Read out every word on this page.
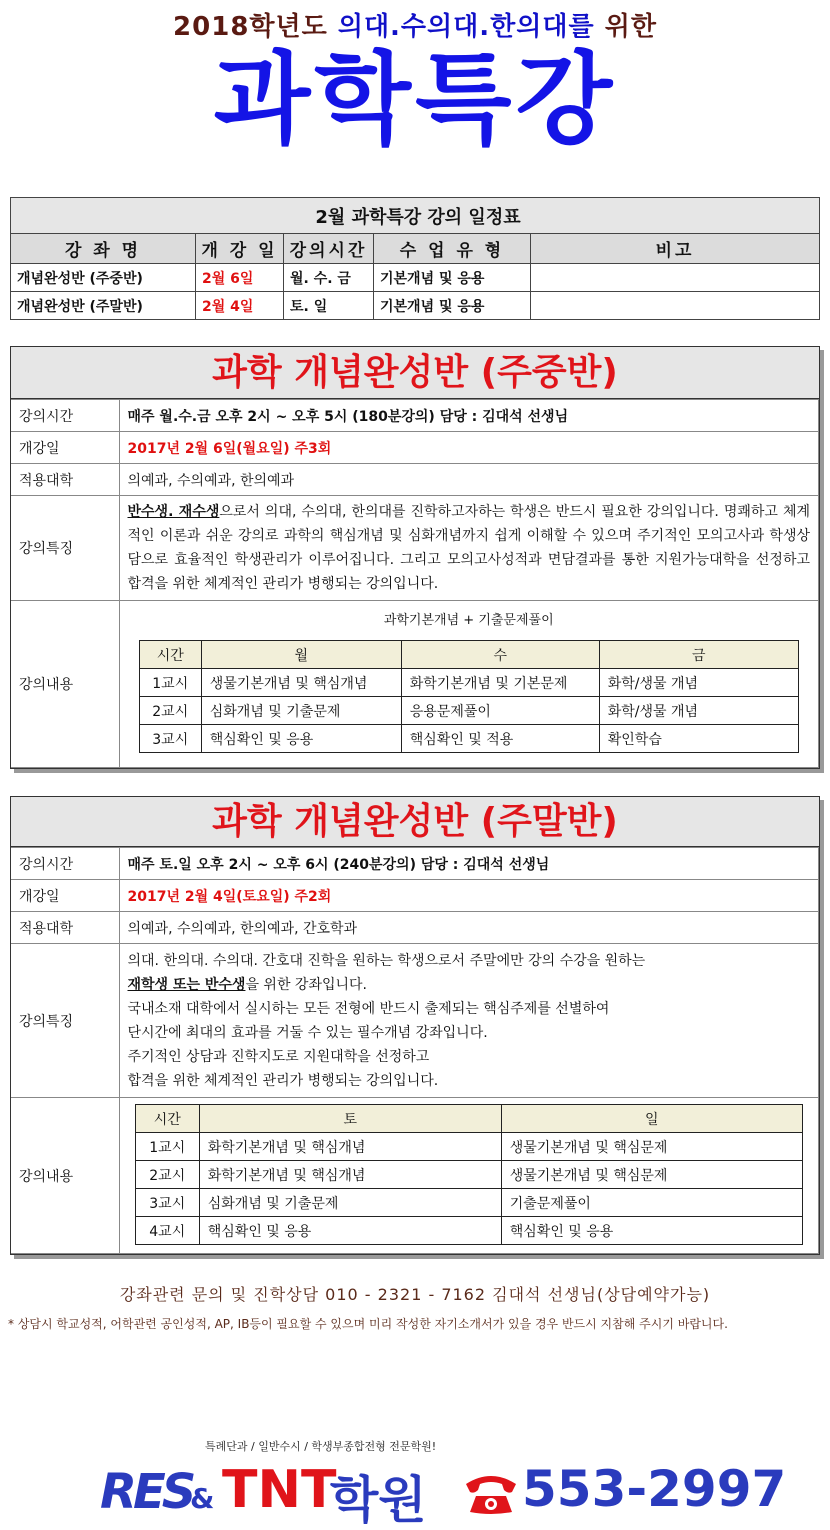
2018학년도 의대.수의대.한의대를 위한
과학특강
2월 과학특강 강의 일정표				
강 좌 명	개 강 일	강의시간	수 업 유 형	비고
개념완성반 (주중반)	2월 6일	월. 수. 금	기본개념 및 응용	
개념완성반 (주말반)	2월 4일	토. 일	기본개념 및 응용	
과학 개념완성반 (주중반)
강의시간	매주 월.수.금 오후 2시 ~ 오후 5시 (180분강의) 담당 : 김대석 선생님
개강일	2017년 2월 6일(월요일) 주3회
적용대학	의예과, 수의예과, 한의예과
강의특징	반수생. 재수생으로서 의대, 수의대, 한의대를 진학하고자하는 학생은 반드시 필요한 강의입니다. 명쾌하고 체계적인 이론과 쉬운 강의로 과학의 핵심개념 및 심화개념까지 쉽게 이해할 수 있으며 주기적인 모의고사과 학생상담으로 효율적인 학생관리가 이루어집니다. 그리고 모의고사성적과 면담결과를 통한 지원가능대학을 선정하고 합격을 위한 체계적인 관리가 병행되는 강의입니다.
강의내용	
과학기본개념 + 기출문제풀이
시간	월	수	금
1교시	생물기본개념 및 핵심개념	화학기본개념 및 기본문제	화학/생물 개념
2교시	심화개념 및 기출문제	응용문제풀이	화학/생물 개념
3교시	핵심확인 및 응용	핵심확인 및 적용	확인학습
과학 개념완성반 (주말반)
강의시간	매주 토.일 오후 2시 ~ 오후 6시 (240분강의) 담당 : 김대석 선생님
개강일	2017년 2월 4일(토요일) 주2회
적용대학	의예과, 수의예과, 한의예과, 간호학과
강의특징	
의대. 한의대. 수의대. 간호대 진학을 원하는 학생으로서 주말에만 강의 수강을 원하는
재학생 또는 반수생을 위한 강좌입니다.
국내소재 대학에서 실시하는 모든 전형에 반드시 출제되는 핵심주제를 선별하여
단시간에 최대의 효과를 거둘 수 있는 필수개념 강좌입니다.
주기적인 상담과 진학지도로 지원대학을 선정하고
합격을 위한 체계적인 관리가 병행되는 강의입니다.

강의내용	
시간	토	일
1교시	화학기본개념 및 핵심개념	생물기본개념 및 핵심문제
2교시	화학기본개념 및 핵심개념	생물기본개념 및 핵심문제
3교시	심화개념 및 기출문제	기출문제풀이
4교시	핵심확인 및 응용	핵심확인 및 응용
강좌관련 문의 및 진학상담 010 - 2321 - 7162 김대석 선생님(상담예약가능)
* 상담시 학교성적, 어학관련 공인성적, AP, IB등이 필요할 수 있으며 미리 작성한 자기소개서가 있을 경우 반드시 지참해 주시기 바랍니다.
특례단과 / 일반수시 / 학생부종합전형 전문학원!
RES
& TNT
학원 553-2997
